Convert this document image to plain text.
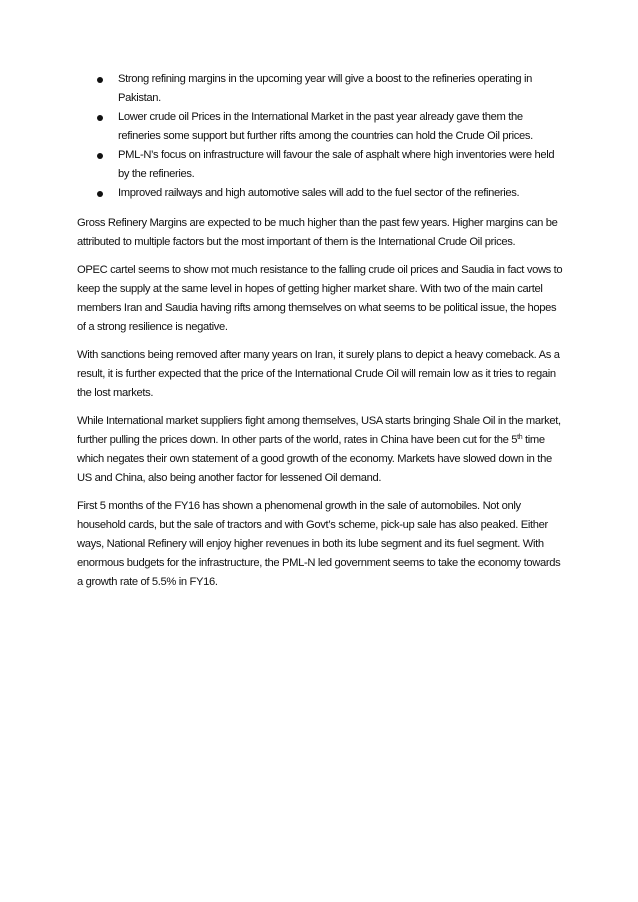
Strong refining margins in the upcoming year will give a boost to the refineries operating in Pakistan.
Lower crude oil Prices in the International Market in the past year already gave them the refineries some support but further rifts among the countries can hold the Crude Oil prices.
PML-N’s focus on infrastructure will favour the sale of asphalt where high inventories were held by the refineries.
Improved railways and high automotive sales will add to the fuel sector of the refineries.

Gross Refinery Margins are expected to be much higher than the past few years. Higher margins can be attributed to multiple factors but the most important of them is the International Crude Oil prices.

OPEC cartel seems to show mot much resistance to the falling crude oil prices and Saudia in fact vows to keep the supply at the same level in hopes of getting higher market share. With two of the main cartel members Iran and Saudia having rifts among themselves on what seems to be political issue, the hopes of a strong resilience is negative.

With sanctions being removed after many years on Iran, it surely plans to depict a heavy comeback. As a result, it is further expected that the price of the International Crude Oil will remain low as it tries to regain the lost markets.

While International market suppliers fight among themselves, USA starts bringing Shale Oil in the market, further pulling the prices down. In other parts of the world, rates in China have been cut for the 5th time which negates their own statement of a good growth of the economy. Markets have slowed down in the US and China, also being another factor for lessened Oil demand.

First 5 months of the FY16 has shown a phenomenal growth in the sale of automobiles. Not only household cards, but the sale of tractors and with Govt’s scheme, pick-up sale has also peaked. Either ways, National Refinery will enjoy higher revenues in both its lube segment and its fuel segment. With enormous budgets for the infrastructure, the PML-N led government seems to take the economy towards a growth rate of 5.5% in FY16.
